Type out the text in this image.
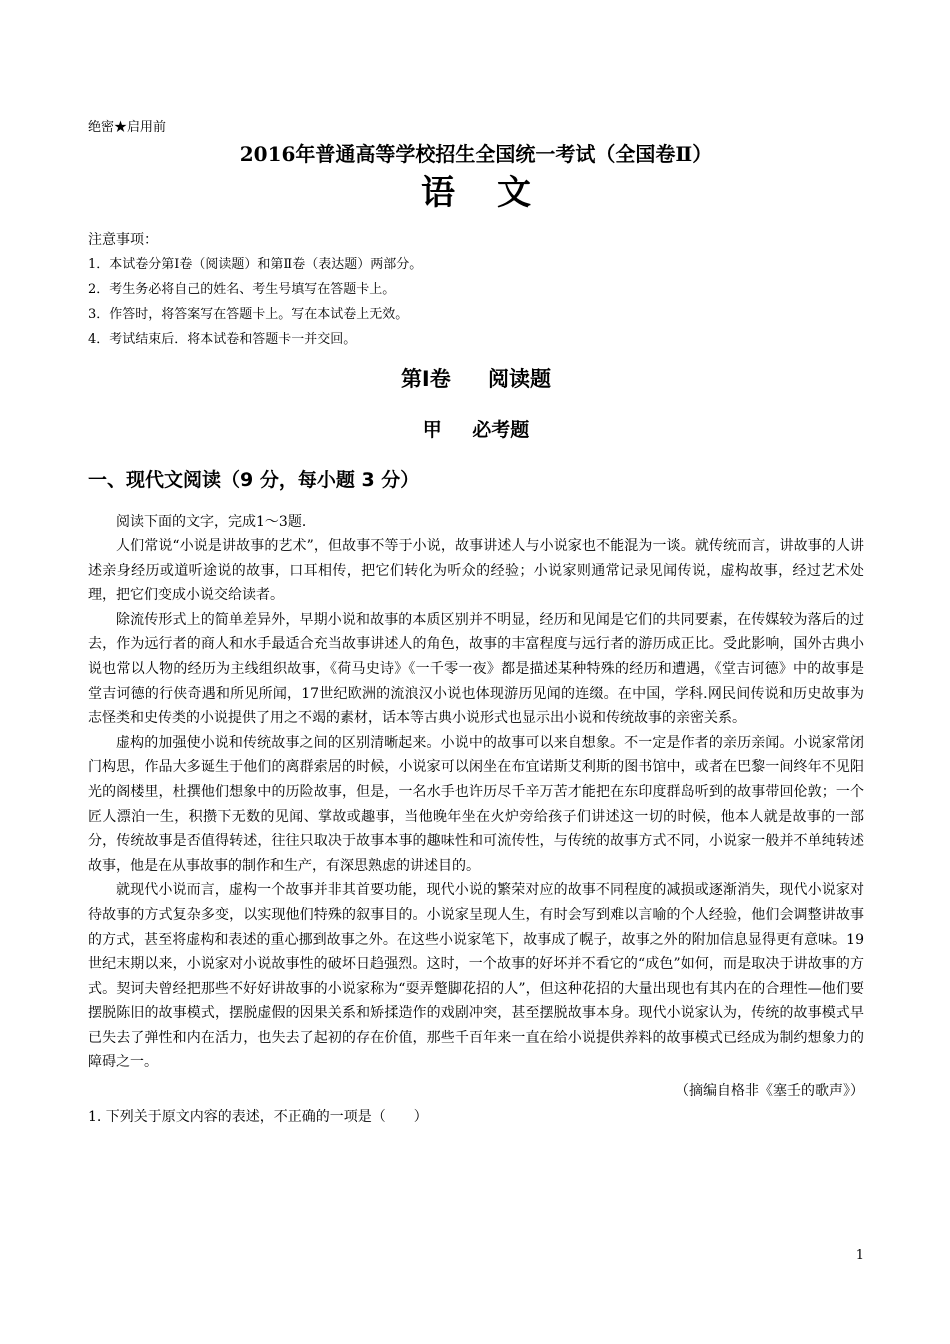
绝密★启用前

2016年普通高等学校招生全国统一考试（全国卷Ⅱ）
语文

注意事项：

1．本试卷分第Ⅰ卷（阅读题）和第Ⅱ卷（表达题）两部分。
2．考生务必将自己的姓名、考生号填写在答题卡上。
3．作答时，将答案写在答题卡上。写在本试卷上无效。
4．考试结束后．将本试卷和答题卡一并交回。
第Ⅰ卷 阅读题
甲 必考题
一、现代文阅读（9 分，每小题 3 分）

阅读下面的文字，完成1～3题．

人们常说“小说是讲故事的艺术”，但故事不等于小说，故事讲述人与小说家也不能混为一谈。就传统而言，讲故事的人讲述亲身经历或道听途说的故事，口耳相传，把它们转化为听众的经验；小说家则通常记录见闻传说，虚构故事，经过艺术处理，把它们变成小说交给读者。

除流传形式上的简单差异外，早期小说和故事的本质区别并不明显，经历和见闻是它们的共同要素，在传媒较为落后的过去，作为远行者的商人和水手最适合充当故事讲述人的角色，故事的丰富程度与远行者的游历成正比。受此影响，国外古典小说也常以人物的经历为主线组织故事，《荷马史诗》《一千零一夜》都是描述某种特殊的经历和遭遇，《堂吉诃德》中的故事是堂吉诃德的行侠奇遇和所见所闻，17世纪欧洲的流浪汉小说也体现游历见闻的连缀。在中国，学科.网民间传说和历史故事为志怪类和史传类的小说提供了用之不竭的素材，话本等古典小说形式也显示出小说和传统故事的亲密关系。

虚构的加强使小说和传统故事之间的区别清晰起来。小说中的故事可以来自想象。不一定是作者的亲历亲闻。小说家常闭门构思，作品大多诞生于他们的离群索居的时候，小说家可以闲坐在布宜诺斯艾利斯的图书馆中，或者在巴黎一间终年不见阳光的阁楼里，杜撰他们想象中的历险故事，但是，一名水手也许历尽千辛万苦才能把在东印度群岛听到的故事带回伦敦；一个匠人漂泊一生，积攒下无数的见闻、掌故或趣事，当他晚年坐在火炉旁给孩子们讲述这一切的时候，他本人就是故事的一部分，传统故事是否值得转述，往往只取决于故事本事的趣味性和可流传性，与传统的故事方式不同，小说家一般并不单纯转述故事，他是在从事故事的制作和生产，有深思熟虑的讲述目的。

就现代小说而言，虚构一个故事并非其首要功能，现代小说的繁荣对应的故事不同程度的减损或逐渐消失，现代小说家对待故事的方式复杂多变，以实现他们特殊的叙事目的。小说家呈现人生，有时会写到难以言喻的个人经验，他们会调整讲故事的方式，甚至将虚构和表述的重心挪到故事之外。在这些小说家笔下，故事成了幌子，故事之外的附加信息显得更有意味。19世纪末期以来，小说家对小说故事性的破坏日趋强烈。这时，一个故事的好坏并不看它的“成色”如何，而是取决于讲故事的方式。契诃夫曾经把那些不好好讲故事的小说家称为“耍弄蹩脚花招的人”，但这种花招的大量出现也有其内在的合理性—他们要摆脱陈旧的故事模式，摆脱虚假的因果关系和矫揉造作的戏剧冲突，甚至摆脱故事本身。现代小说家认为，传统的故事模式早已失去了弹性和内在活力，也失去了起初的存在价值，那些千百年来一直在给小说提供养料的故事模式已经成为制约想象力的障碍之一。

（摘编自格非《塞壬的歌声》）

1. 下列关于原文内容的表述，不正确的一项是（　　）

1
